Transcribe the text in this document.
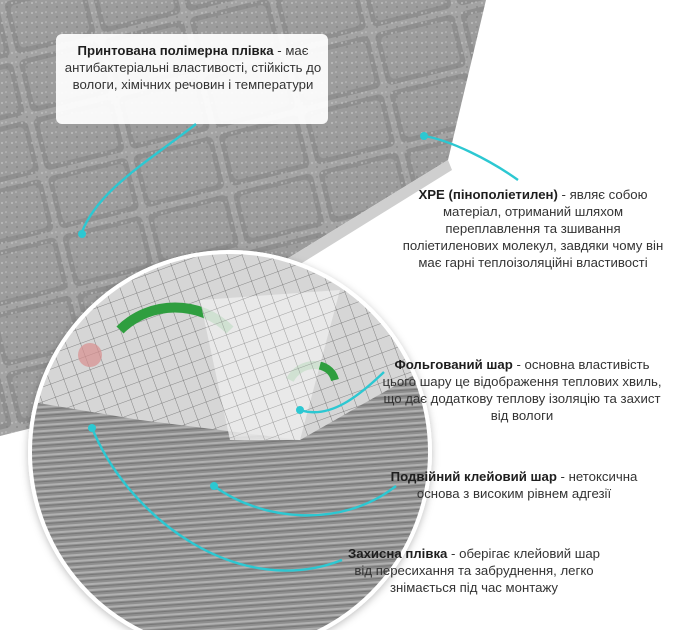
Принтована полімерна плівка - має антибактеріальні властивості, стійкість до вологи, хімічних речовин і температури
XPE (пінополіетилен) - являє собою матеріал, отриманий шляхом переплавлення та зшивання поліетиленових молекул, завдяки чому він має гарні теплоізоляційні властивості
Фольгований шар - основна властивість цього шару це відображення теплових хвиль, що дає додаткову теплову ізоляцію та захист від вологи
Подвійний клейовий шар - нетоксична основа з високим рівнем адгезії
Захисна плівка - оберігає клейовий шар від пересихання та забруднення, легко знімається під час монтажу
